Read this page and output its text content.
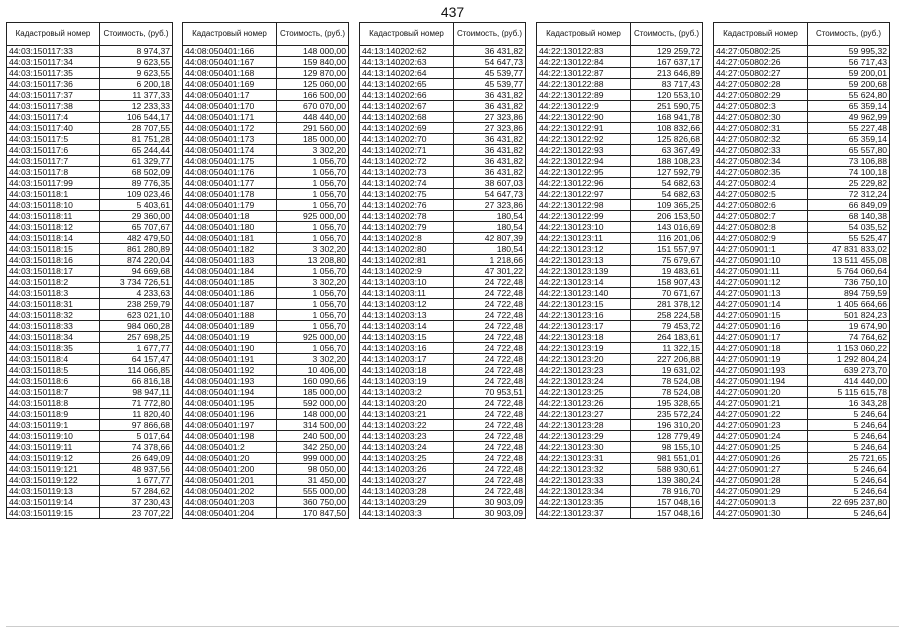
437
Кадастровый номер	Стоимость, (руб.)
44:03:150117:33	8 974,37
44:03:150117:34	9 623,55
44:03:150117:35	9 623,55
44:03:150117:36	6 200,18
44:03:150117:37	11 377,33
44:03:150117:38	12 233,33
44:03:150117:4	106 544,17
44:03:150117:40	28 707,55
44:03:150117:5	81 751,28
44:03:150117:6	65 244,44
44:03:150117:7	61 329,77
44:03:150117:8	68 502,09
44:03:150117:99	89 776,35
44:03:150118:1	109 023,46
44:03:150118:10	5 403,61
44:03:150118:11	29 360,00
44:03:150118:12	65 707,67
44:03:150118:14	482 479,50
44:03:150118:15	861 280,89
44:03:150118:16	874 220,04
44:03:150118:17	94 669,68
44:03:150118:2	3 734 726,51
44:03:150118:3	4 233,63
44:03:150118:31	238 259,79
44:03:150118:32	623 021,10
44:03:150118:33	984 060,28
44:03:150118:34	257 698,25
44:03:150118:35	1 677,77
44:03:150118:4	64 157,47
44:03:150118:5	114 066,85
44:03:150118:6	66 816,18
44:03:150118:7	98 947,11
44:03:150118:8	71 772,80
44:03:150118:9	11 820,40
44:03:150119:1	97 866,68
44:03:150119:10	5 017,64
44:03:150119:11	74 378,66
44:03:150119:12	26 649,09
44:03:150119:121	48 937,56
44:03:150119:122	1 677,77
44:03:150119:13	57 284,62
44:03:150119:14	37 230,43
44:03:150119:15	23 707,22
Кадастровый номер	Стоимость, (руб.)
44:08:050401:166	148 000,00
44:08:050401:167	159 840,00
44:08:050401:168	129 870,00
44:08:050401:169	125 060,00
44:08:050401:17	166 500,00
44:08:050401:170	670 070,00
44:08:050401:171	448 440,00
44:08:050401:172	291 560,00
44:08:050401:173	185 000,00
44:08:050401:174	3 302,20
44:08:050401:175	1 056,70
44:08:050401:176	1 056,70
44:08:050401:177	1 056,70
44:08:050401:178	1 056,70
44:08:050401:179	1 056,70
44:08:050401:18	925 000,00
44:08:050401:180	1 056,70
44:08:050401:181	1 056,70
44:08:050401:182	3 302,20
44:08:050401:183	13 208,80
44:08:050401:184	1 056,70
44:08:050401:185	3 302,20
44:08:050401:186	1 056,70
44:08:050401:187	1 056,70
44:08:050401:188	1 056,70
44:08:050401:189	1 056,70
44:08:050401:19	925 000,00
44:08:050401:190	1 056,70
44:08:050401:191	3 302,20
44:08:050401:192	10 406,00
44:08:050401:193	160 090,66
44:08:050401:194	185 000,00
44:08:050401:195	592 000,00
44:08:050401:196	148 000,00
44:08:050401:197	314 500,00
44:08:050401:198	240 500,00
44:08:050401:2	342 250,00
44:08:050401:20	999 000,00
44:08:050401:200	98 050,00
44:08:050401:201	31 450,00
44:08:050401:202	555 000,00
44:08:050401:203	360 750,00
44:08:050401:204	170 847,50
Кадастровый номер	Стоимость, (руб.)
44:13:140202:62	36 431,82
44:13:140202:63	54 647,73
44:13:140202:64	45 539,77
44:13:140202:65	45 539,77
44:13:140202:66	36 431,82
44:13:140202:67	36 431,82
44:13:140202:68	27 323,86
44:13:140202:69	27 323,86
44:13:140202:70	36 431,82
44:13:140202:71	36 431,82
44:13:140202:72	36 431,82
44:13:140202:73	36 431,82
44:13:140202:74	38 607,03
44:13:140202:75	54 647,73
44:13:140202:76	27 323,86
44:13:140202:78	180,54
44:13:140202:79	180,54
44:13:140202:8	42 807,39
44:13:140202:80	180,54
44:13:140202:81	1 218,66
44:13:140202:9	47 301,22
44:13:140203:10	24 722,48
44:13:140203:11	24 722,48
44:13:140203:12	24 722,48
44:13:140203:13	24 722,48
44:13:140203:14	24 722,48
44:13:140203:15	24 722,48
44:13:140203:16	24 722,48
44:13:140203:17	24 722,48
44:13:140203:18	24 722,48
44:13:140203:19	24 722,48
44:13:140203:2	70 953,51
44:13:140203:20	24 722,48
44:13:140203:21	24 722,48
44:13:140203:22	24 722,48
44:13:140203:23	24 722,48
44:13:140203:24	24 722,48
44:13:140203:25	24 722,48
44:13:140203:26	24 722,48
44:13:140203:27	24 722,48
44:13:140203:28	24 722,48
44:13:140203:29	30 903,09
44:13:140203:3	30 903,09
Кадастровый номер	Стоимость, (руб.)
44:22:130122:83	129 259,72
44:22:130122:84	167 637,17
44:22:130122:87	213 646,89
44:22:130122:88	83 717,43
44:22:130122:89	120 553,10
44:22:130122:9	251 590,75
44:22:130122:90	168 941,78
44:22:130122:91	108 832,66
44:22:130122:92	125 826,68
44:22:130122:93	63 367,49
44:22:130122:94	188 108,23
44:22:130122:95	127 592,79
44:22:130122:96	54 682,63
44:22:130122:97	54 682,63
44:22:130122:98	109 365,25
44:22:130122:99	206 153,50
44:22:130123:10	143 016,69
44:22:130123:11	116 201,06
44:22:130123:12	151 557,97
44:22:130123:13	75 679,67
44:22:130123:139	19 483,61
44:22:130123:14	158 907,43
44:22:130123:140	70 671,67
44:22:130123:15	281 378,12
44:22:130123:16	258 224,58
44:22:130123:17	79 453,72
44:22:130123:18	264 183,61
44:22:130123:19	11 322,15
44:22:130123:20	227 206,88
44:22:130123:23	19 631,02
44:22:130123:24	78 524,08
44:22:130123:25	78 524,08
44:22:130123:26	195 328,65
44:22:130123:27	235 572,24
44:22:130123:28	196 310,20
44:22:130123:29	128 779,49
44:22:130123:30	98 155,10
44:22:130123:31	981 551,01
44:22:130123:32	588 930,61
44:22:130123:33	139 380,24
44:22:130123:34	78 916,70
44:22:130123:35	157 048,16
44:22:130123:37	157 048,16
Кадастровый номер	Стоимость, (руб.)
44:27:050802:25	59 995,32
44:27:050802:26	56 717,43
44:27:050802:27	59 200,01
44:27:050802:28	59 200,68
44:27:050802:29	55 624,80
44:27:050802:3	65 359,14
44:27:050802:30	49 962,99
44:27:050802:31	55 227,48
44:27:050802:32	65 359,14
44:27:050802:33	65 557,80
44:27:050802:34	73 106,88
44:27:050802:35	74 100,18
44:27:050802:4	25 229,82
44:27:050802:5	72 312,24
44:27:050802:6	66 849,09
44:27:050802:7	68 140,38
44:27:050802:8	54 035,52
44:27:050802:9	55 525,47
44:27:050901:1	47 831 833,02
44:27:050901:10	13 511 455,08
44:27:050901:11	5 764 060,64
44:27:050901:12	736 750,10
44:27:050901:13	894 759,59
44:27:050901:14	1 405 664,66
44:27:050901:15	501 824,23
44:27:050901:16	19 674,90
44:27:050901:17	74 764,62
44:27:050901:18	1 153 060,22
44:27:050901:19	1 292 804,24
44:27:050901:193	639 273,70
44:27:050901:194	414 440,00
44:27:050901:20	5 115 615,78
44:27:050901:21	16 343,28
44:27:050901:22	5 246,64
44:27:050901:23	5 246,64
44:27:050901:24	5 246,64
44:27:050901:25	5 246,64
44:27:050901:26	25 721,65
44:27:050901:27	5 246,64
44:27:050901:28	5 246,64
44:27:050901:29	5 246,64
44:27:050901:3	22 695 237,80
44:27:050901:30	5 246,64
